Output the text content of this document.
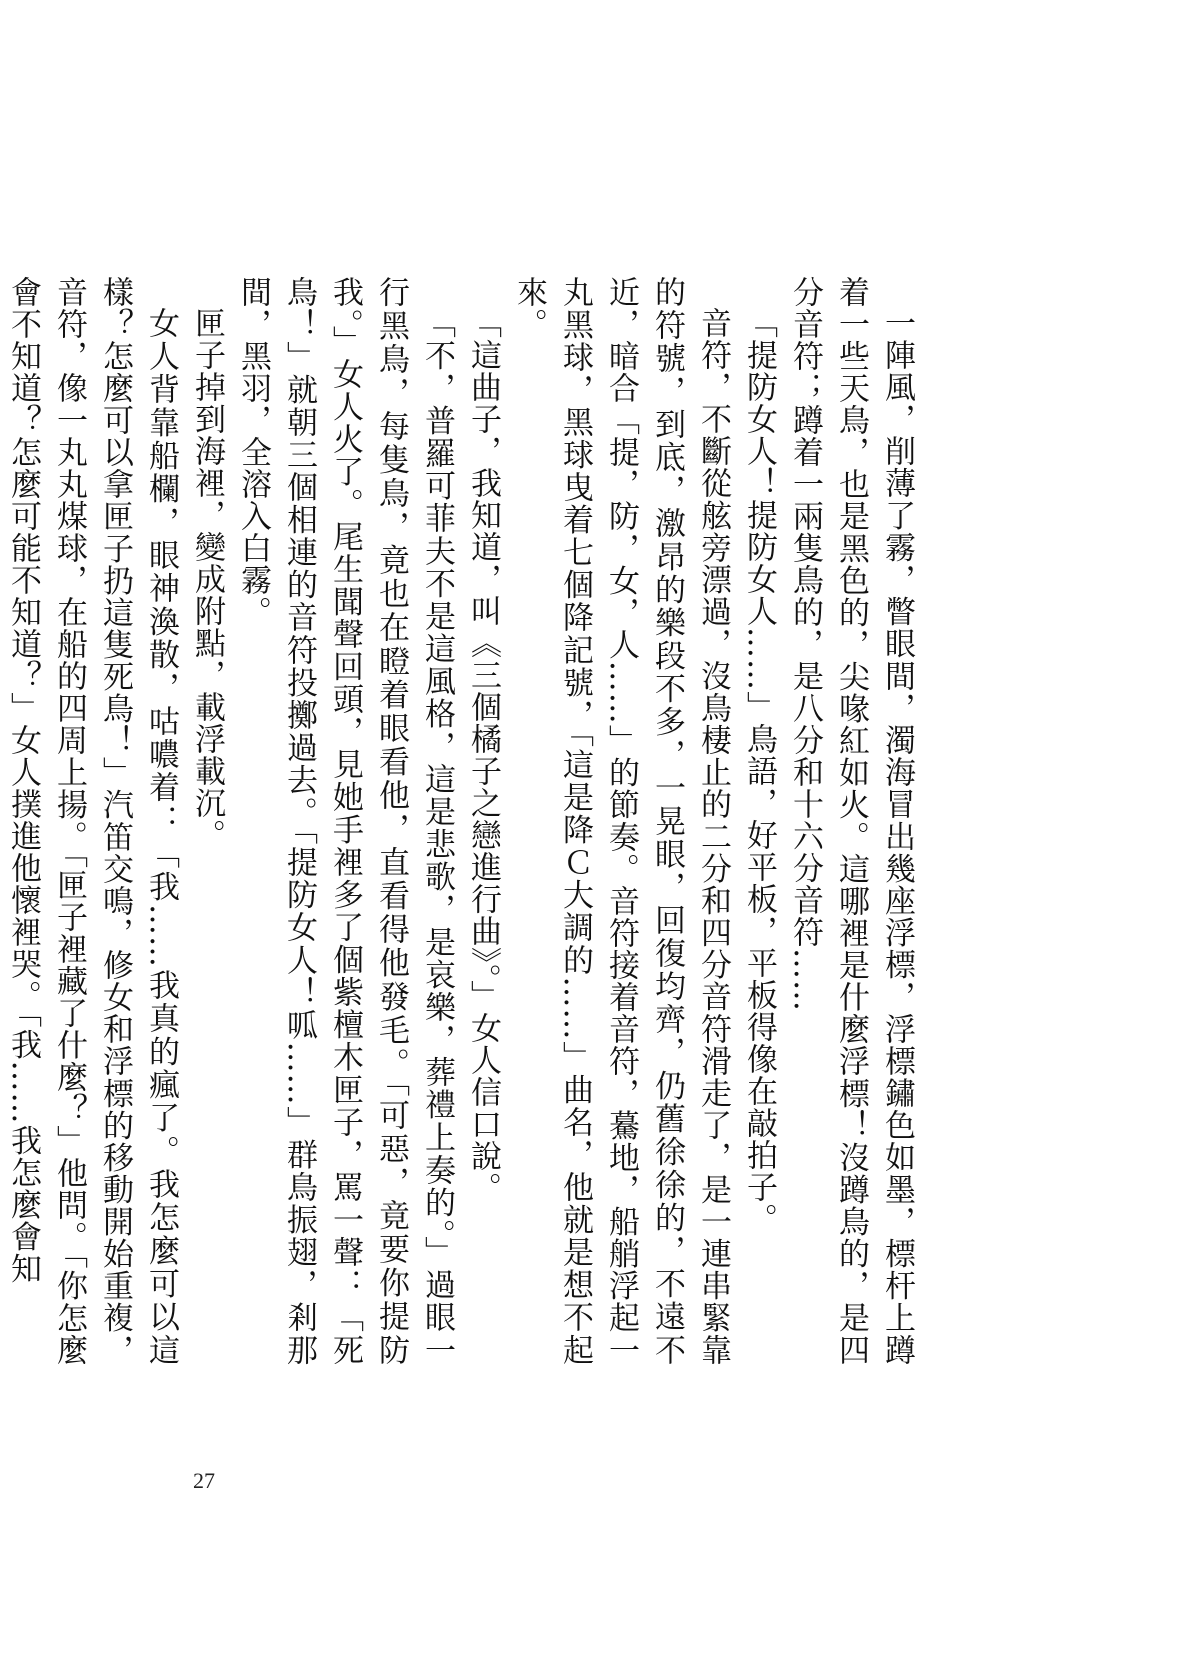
一陣風，削薄了霧，瞥眼間，濁海冒出幾座浮標，浮標鏽色如墨，標杆上蹲着一些天鳥，也是黑色的，尖喙紅如火。這哪裡是什麼浮標！沒蹲鳥的，是四分音符；蹲着一兩隻鳥的，是八分和十六分音符……

「提防女人！提防女人……」鳥語，好平板，平板得像在敲拍子。

音符，不斷從舷旁漂過，沒鳥棲止的二分和四分音符滑走了，是一連串緊靠的符號，到底，激昂的樂段不多，一晃眼，回復均齊，仍舊徐徐的，不遠不近，暗合「提，防，女，人……」的節奏。音符接着音符，驀地，船艄浮起一丸黑球，黑球曳着七個降記號，「這是降Ｃ大調的……」曲名，他就是想不起來。

「這曲子，我知道，叫《三個橘子之戀進行曲》。」女人信口說。

「不，普羅可菲夫不是這風格，這是悲歌，是哀樂，葬禮上奏的。」過眼一行黑鳥，每隻鳥，竟也在瞪着眼看他，直看得他發毛。「可惡，竟要你提防我。」女人火了。尾生聞聲回頭，見她手裡多了個紫檀木匣子，罵一聲：「死鳥！」就朝三個相連的音符投擲過去。「提防女人！呱……」群鳥振翅，剎那間，黑羽，全溶入白霧。

匣子掉到海裡，變成附點，載浮載沉。

女人背靠船欄，眼神渙散，咕噥着：「我……我真的瘋了。我怎麼可以這樣？怎麼可以拿匣子扔這隻死鳥！」汽笛交鳴，修女和浮標的移動開始重複，音符，像一丸丸煤球，在船的四周上揚。「匣子裡藏了什麼？」他問。「你怎麼會不知道？怎麼可能不知道？」女人撲進他懷裡哭。「我……我怎麼會知

27
